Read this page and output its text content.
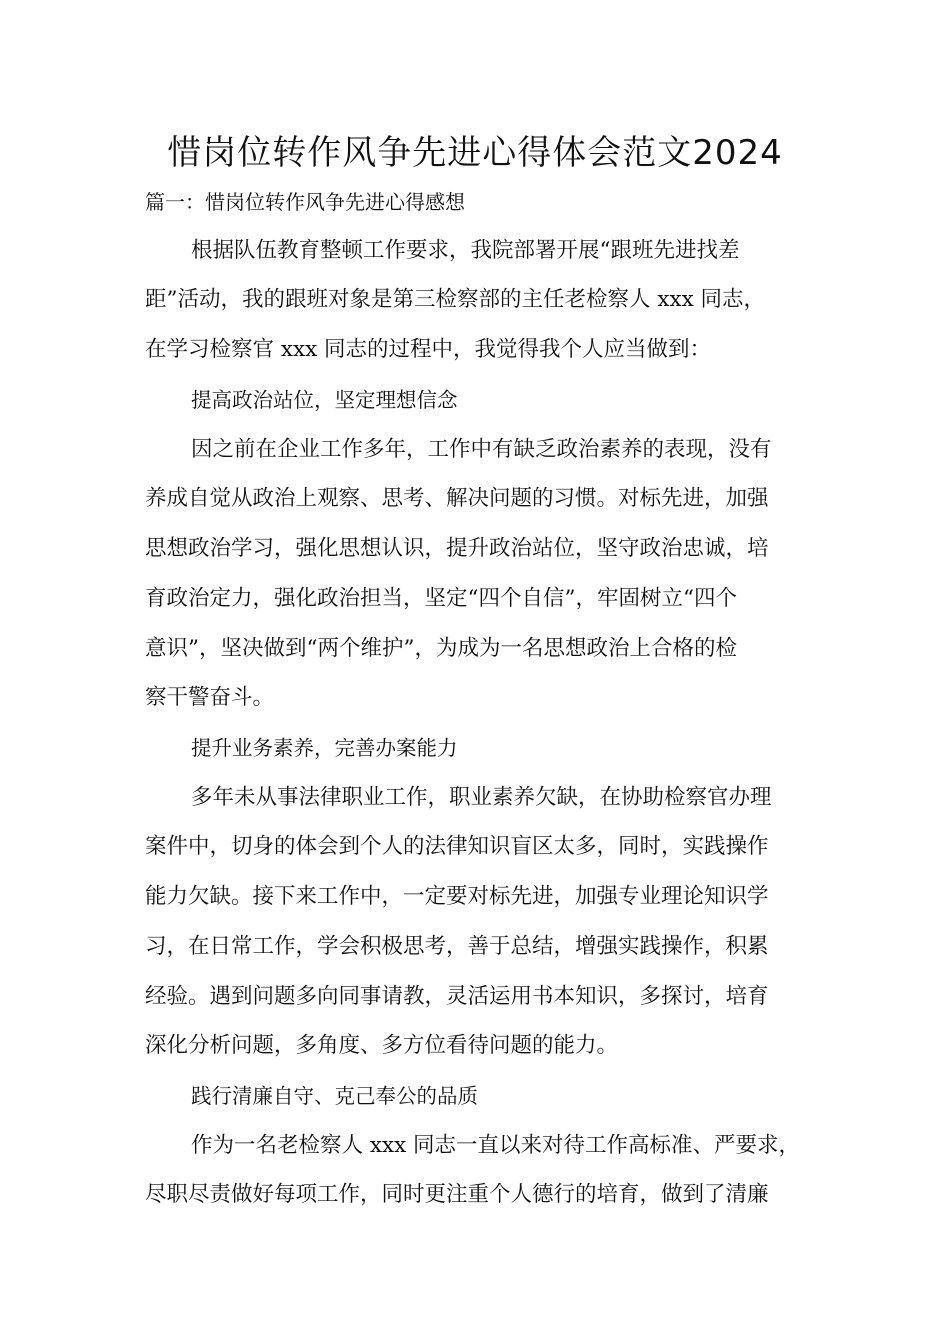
惜岗位转作风争先进心得体会范文2024

篇一：惜岗位转作风争先进心得感想

根据队伍教育整顿工作要求，我院部署开展“跟班先进找差

距”活动，我的跟班对象是第三检察部的主任老检察人 xxx 同志，

在学习检察官 xxx 同志的过程中，我觉得我个人应当做到：

提高政治站位，坚定理想信念

因之前在企业工作多年，工作中有缺乏政治素养的表现，没有

养成自觉从政治上观察、思考、解决问题的习惯。对标先进，加强

思想政治学习，强化思想认识，提升政治站位，坚守政治忠诚，培

育政治定力，强化政治担当，坚定“四个自信”，牢固树立“四个

意识”，坚决做到“两个维护”，为成为一名思想政治上合格的检

察干警奋斗。

提升业务素养，完善办案能力

多年未从事法律职业工作，职业素养欠缺，在协助检察官办理

案件中，切身的体会到个人的法律知识盲区太多，同时，实践操作

能力欠缺。接下来工作中，一定要对标先进，加强专业理论知识学

习，在日常工作，学会积极思考，善于总结，增强实践操作，积累

经验。遇到问题多向同事请教，灵活运用书本知识，多探讨，培育

深化分析问题，多角度、多方位看待问题的能力。

践行清廉自守、克己奉公的品质

作为一名老检察人 xxx 同志一直以来对待工作高标准、严要求，

尽职尽责做好每项工作，同时更注重个人德行的培育，做到了清廉
